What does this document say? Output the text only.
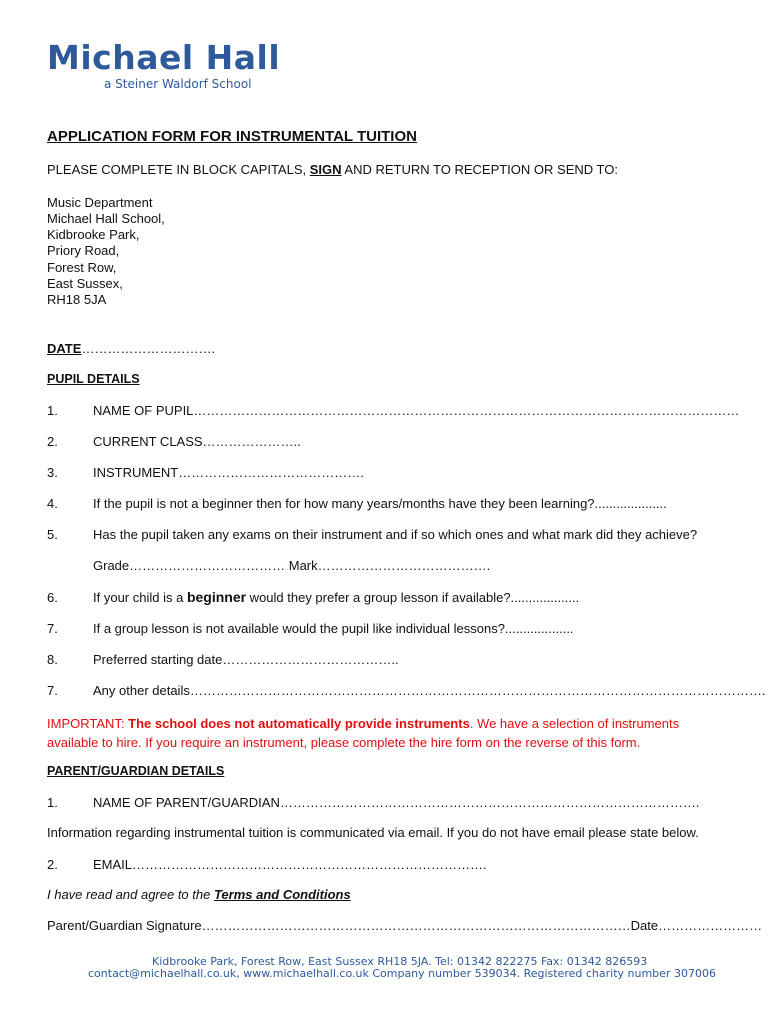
Michael Hall
a Steiner Waldorf School
APPLICATION FORM FOR INSTRUMENTAL TUITION
PLEASE COMPLETE IN BLOCK CAPITALS, SIGN AND RETURN TO RECEPTION OR SEND TO:
Music Department
Michael Hall School,
Kidbrooke Park,
Priory Road,
Forest Row,
East Sussex,
RH18 5JA
DATE………………………….
PUPIL DETAILS
1.	NAME OF PUPIL………………………………………………………………………………………………………………
2.	CURRENT CLASS…………………..
3.	INSTRUMENT…………………………………….
4.	If the pupil is not a beginner then for how many years/months have they been learning?....................
5.	Has the pupil taken any exams on their instrument and if so which ones and what mark did they achieve?
Grade……………………………… Mark………………………………….
6.	If your child is a beginner would they prefer a group lesson if available?...................
7.	If a group lesson is not available would the pupil like individual lessons?...................
8.	Preferred starting date…………………………………..
7.	Any other details…………………………………………………………………………………………………………………….
IMPORTANT: The school does not automatically provide instruments. We have a selection of instruments available to hire. If you require an instrument, please complete the hire form on the reverse of this form.
PARENT/GUARDIAN DETAILS
1.	NAME OF PARENT/GUARDIAN…………………………………………………………………………………….
Information regarding instrumental tuition is communicated via email. If you do not have email please state below.
2.	EMAIL……………………………………………………………………….
I have read and agree to the Terms and Conditions
Parent/Guardian Signature………………………………………………………………………………………Date……………………
Kidbrooke Park, Forest Row, East Sussex RH18 5JA. Tel: 01342 822275 Fax: 01342 826593
contact@michaelhall.co.uk, www.michaelhall.co.uk Company number 539034. Registered charity number 307006
